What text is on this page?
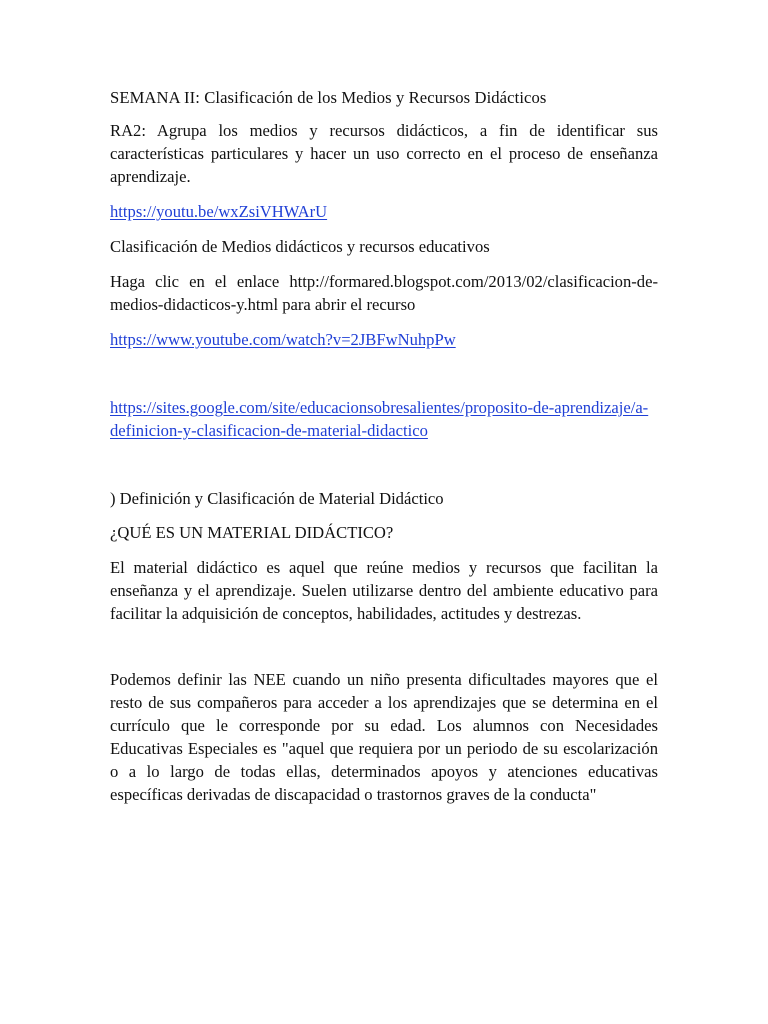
SEMANA II: Clasificación de los Medios y Recursos Didácticos

RA2: Agrupa los medios y recursos didácticos, a fin de identificar sus características particulares y hacer un uso correcto en el proceso de enseñanza aprendizaje.

https://youtu.be/wxZsiVHWArU

Clasificación de Medios didácticos y recursos educativos

Haga clic en el enlace http://formared.blogspot.com/2013/02/clasificacion-de-medios-didacticos-y.html para abrir el recurso

https://www.youtube.com/watch?v=2JBFwNuhpPw

https://sites.google.com/site/educacionsobresalientes/proposito-de-aprendizaje/a-definicion-y-clasificacion-de-material-didactico

) Definición y Clasificación de Material Didáctico

¿QUÉ ES UN MATERIAL DIDÁCTICO?

El material didáctico es aquel que reúne medios y recursos que facilitan la enseñanza y el aprendizaje. Suelen utilizarse dentro del ambiente educativo para facilitar la adquisición de conceptos, habilidades, actitudes y destrezas.

Podemos definir las NEE cuando un niño presenta dificultades mayores que el resto de sus compañeros para acceder a los aprendizajes que se determina en el currículo que le corresponde por su edad. Los alumnos con Necesidades Educativas Especiales es "aquel que requiera por un periodo de su escolarización o a lo largo de todas ellas, determinados apoyos y atenciones educativas específicas derivadas de discapacidad o trastornos graves de la conducta"
